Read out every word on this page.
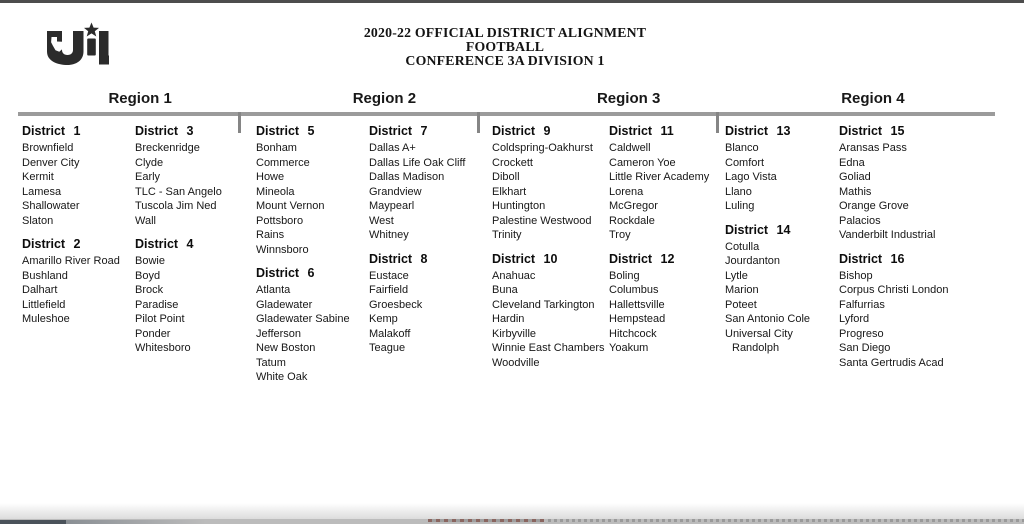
2020-22 OFFICIAL DISTRICT ALIGNMENT
FOOTBALL
CONFERENCE 3A DIVISION 1
Region 1	Region 2	Region 3	Region 4
District 1
Brownfield
Denver City
Kermit
Lamesa
Shallowater
Slaton
District 2
Amarillo River Road
Bushland
Dalhart
Littlefield
Muleshoe
District 3
Breckenridge
Clyde
Early
TLC - San Angelo
Tuscola Jim Ned
Wall
District 4
Bowie
Boyd
Brock
Paradise
Pilot Point
Ponder
Whitesboro
District 5
Bonham
Commerce
Howe
Mineola
Mount Vernon
Pottsboro
Rains
Winnsboro
District 6
Atlanta
Gladewater
Gladewater Sabine
Jefferson
New Boston
Tatum
White Oak
District 7
Dallas A+
Dallas Life Oak Cliff
Dallas Madison
Grandview
Maypearl
West
Whitney
District 8
Eustace
Fairfield
Groesbeck
Kemp
Malakoff
Teague
District 9
Coldspring-Oakhurst
Crockett
Diboll
Elkhart
Huntington
Palestine Westwood
Trinity
District 10
Anahuac
Buna
Cleveland Tarkington
Hardin
Kirbyville
Winnie East Chambers
Woodville
District 11
Caldwell
Cameron Yoe
Little River Academy
Lorena
McGregor
Rockdale
Troy
District 12
Boling
Columbus
Hallettsville
Hempstead
Hitchcock
Yoakum
District 13
Blanco
Comfort
Lago Vista
Llano
Luling
District 14
Cotulla
Jourdanton
Lytle
Marion
Poteet
San Antonio Cole
Universal City Randolph
District 15
Aransas Pass
Edna
Goliad
Mathis
Orange Grove
Palacios
Vanderbilt Industrial
District 16
Bishop
Corpus Christi London
Falfurrias
Lyford
Progreso
San Diego
Santa Gertrudis Acad
